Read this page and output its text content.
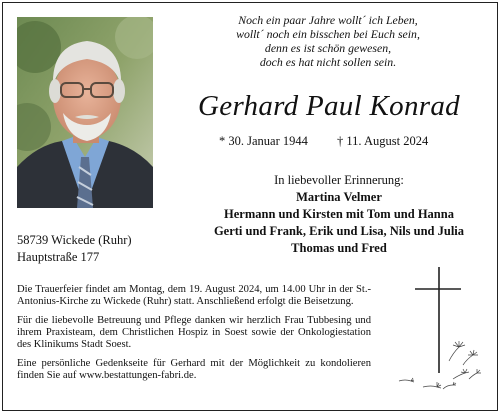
Noch ein paar Jahre wollt´ ich Leben,
wollt´ noch ein bisschen bei Euch sein,
denn es ist schön gewesen,
doch es hat nicht sollen sein.
Gerhard Paul Konrad
* 30. Januar 1944 † 11. August 2024
In liebevoller Erinnerung:
Martina Velmer
Hermann und Kirsten mit Tom und Hanna
Gerti und Frank, Erik und Lisa, Nils und Julia
Thomas und Fred
58739 Wickede (Ruhr)
Hauptstraße 177

Die Trauerfeier findet am Montag, dem 19. August 2024, um 14.00 Uhr in der St.-Antonius-Kirche zu Wickede (Ruhr) statt. Anschließend erfolgt die Beisetzung.

Für die liebevolle Betreuung und Pflege danken wir herzlich Frau Tubbesing und ihrem Praxisteam, dem Christlichen Hospiz in Soest sowie der Onkologiestation des Klinikums Stadt Soest.

Eine persönliche Gedenkseite für Gerhard mit der Möglichkeit zu kondolieren finden Sie auf www.bestattungen-fabri.de.
